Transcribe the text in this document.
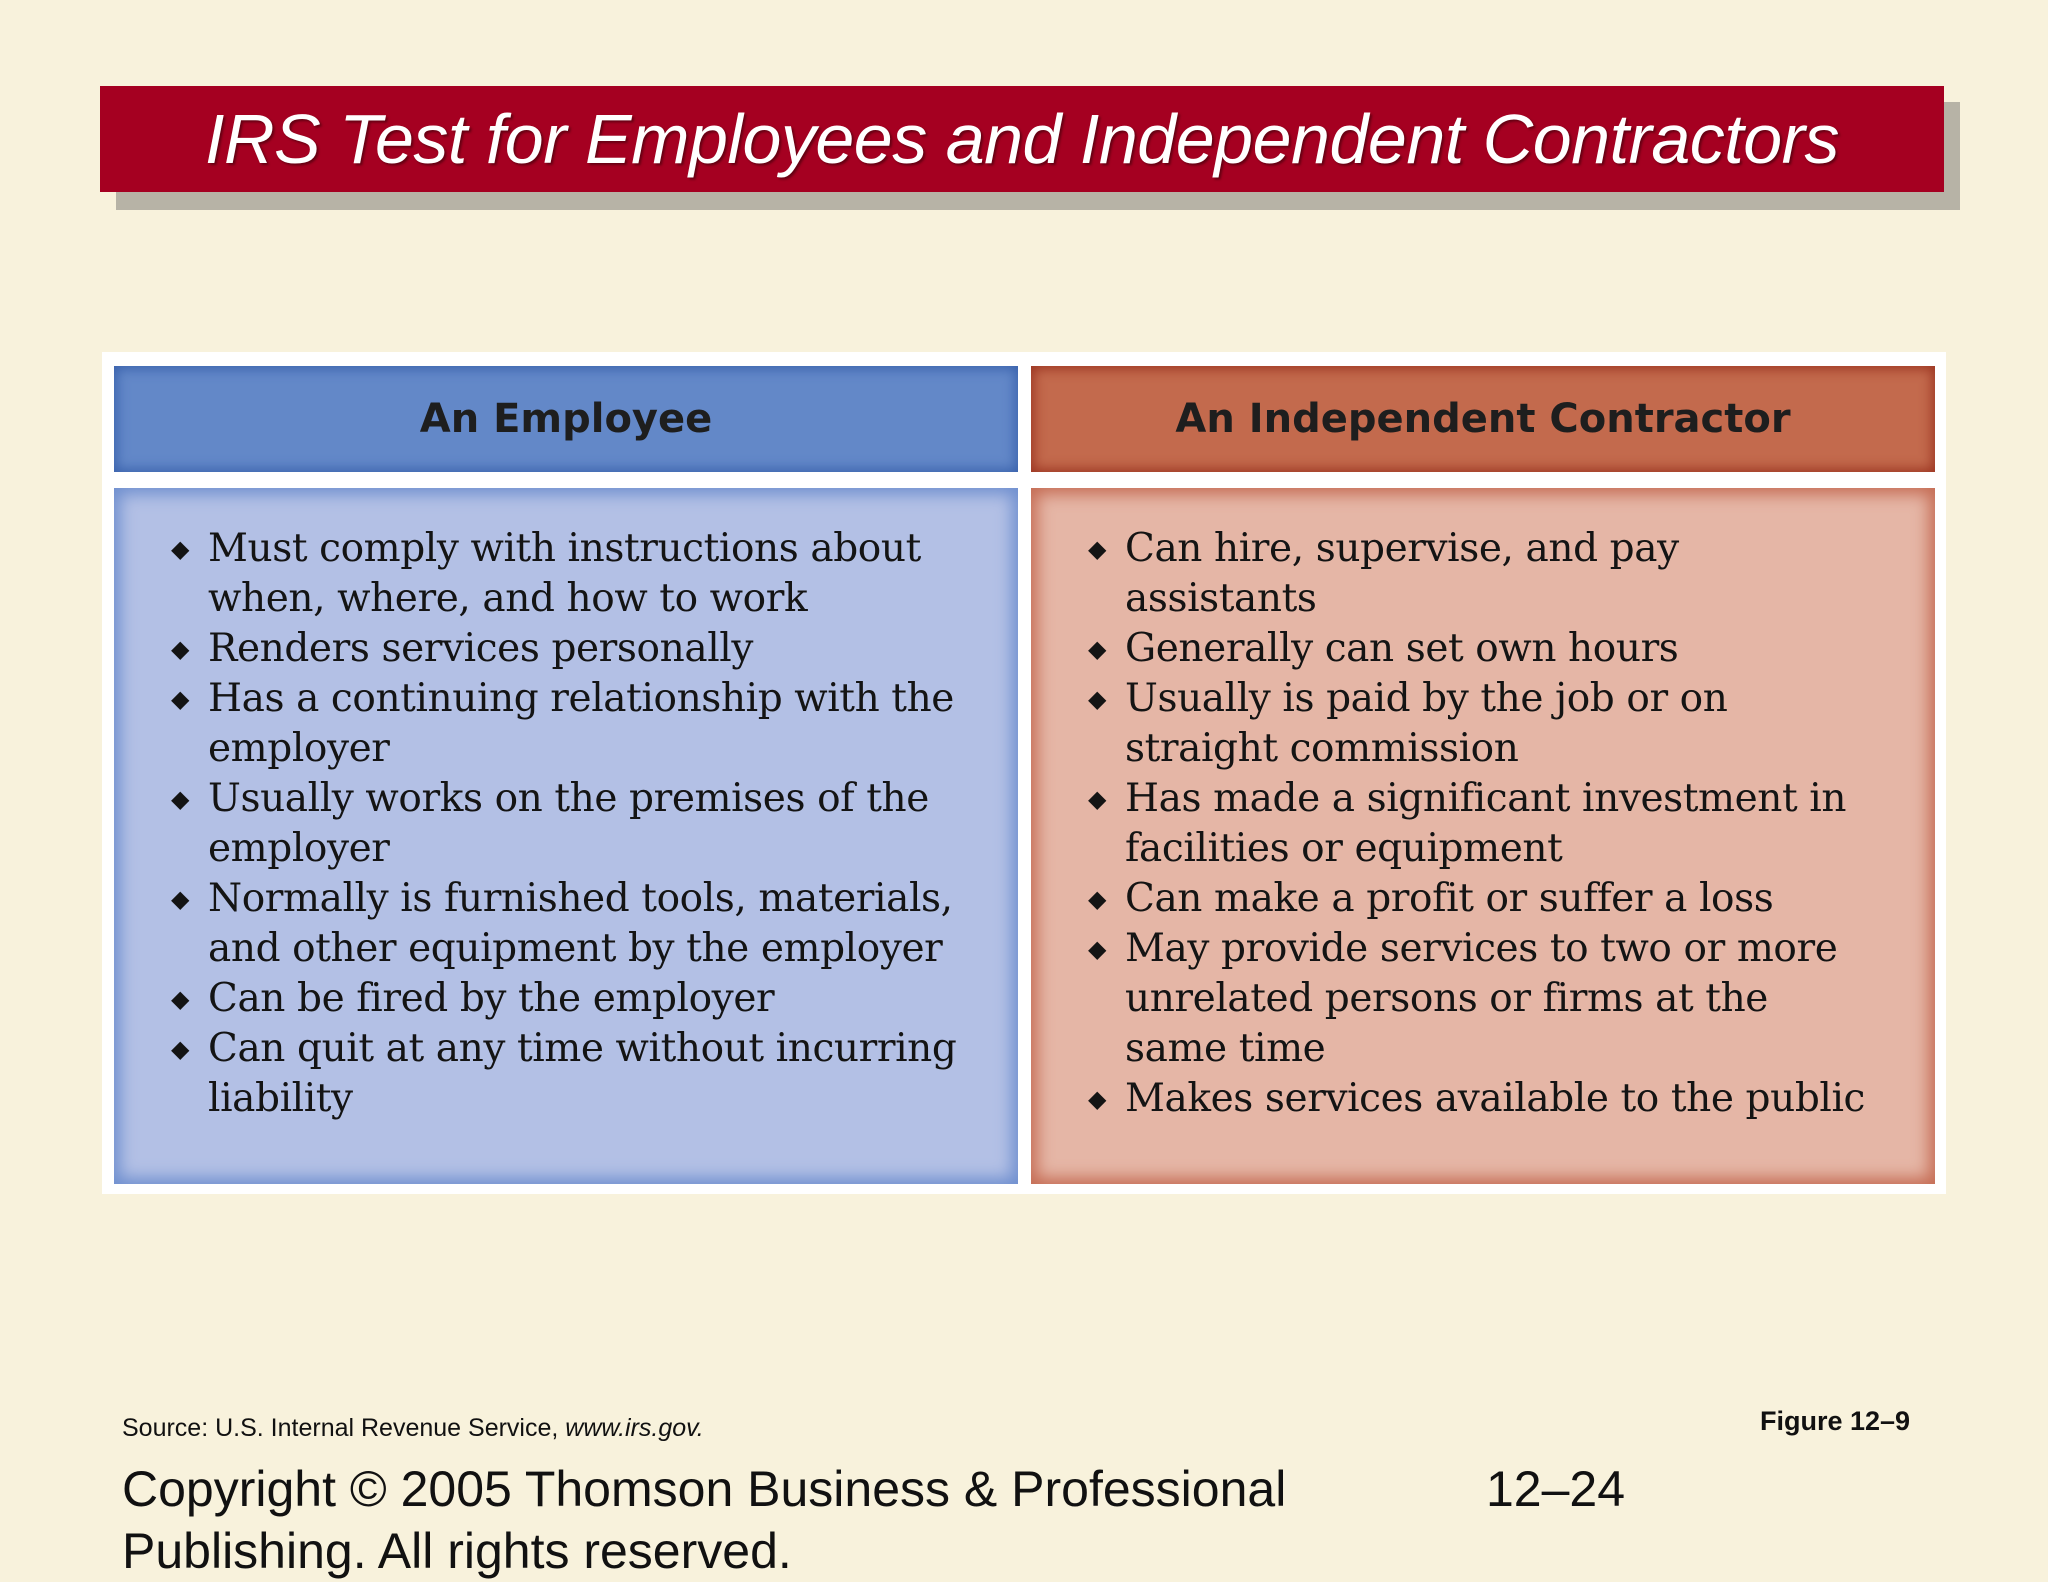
IRS Test for Employees and Independent Contractors
An Employee	An Independent Contractor
◆ Must comply with instructions about when, where, and how to work
◆ Renders services personally
◆ Has a continuing relationship with the employer
◆ Usually works on the premises of the employer
◆ Normally is furnished tools, materials, and other equipment by the employer
◆ Can be fired by the employer
◆ Can quit at any time without incurring liability
◆ Can hire, supervise, and pay assistants
◆ Generally can set own hours
◆ Usually is paid by the job or on straight commission
◆ Has made a significant investment in facilities or equipment
◆ Can make a profit or suffer a loss
◆ May provide services to two or more unrelated persons or firms at the same time
◆ Makes services available to the public
Source: U.S. Internal Revenue Service, www.irs.gov.	Figure 12–9
Copyright © 2005 Thomson Business & Professional Publishing. All rights reserved.
12–24
